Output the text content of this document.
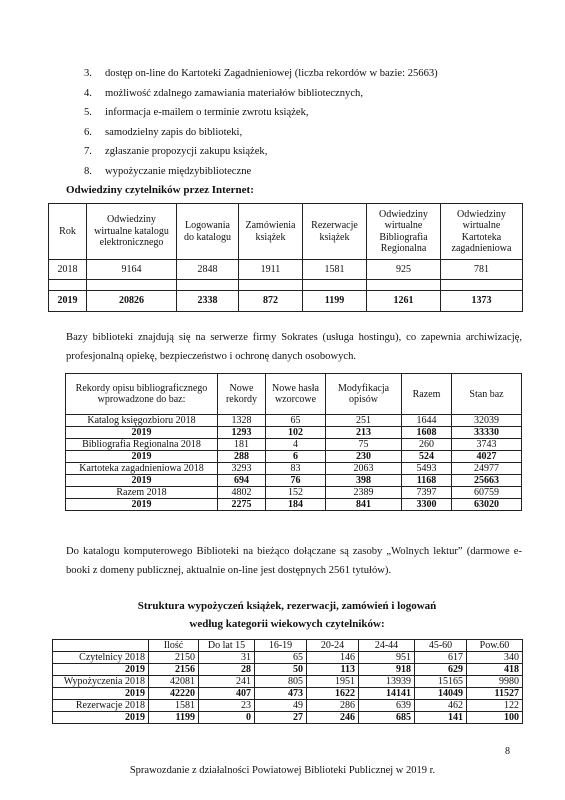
3. dostęp on-line do Kartoteki Zagadnieniowej (liczba rekordów w bazie: 25663)
4. możliwość zdalnego zamawiania materiałów bibliotecznych,
5. informacja e-mailem o terminie zwrotu książek,
6. samodzielny zapis do biblioteki,
7. zgłaszanie propozycji zakupu książek,
8. wypożyczanie międzybiblioteczne
Odwiedziny czytelników przez Internet:
Rok	Odwiedziny wirtualne katalogu elektronicznego	Logowania do katalogu	Zamówienia książek	Rezerwacje książek	Odwiedziny wirtualne Bibliografia Regionalna	Odwiedziny wirtualne Kartoteka zagadnieniowa
2018	9164	2848	1911	1581	925	781

2019	20826	2338	872	1199	1261	1373
Bazy biblioteki znajdują się na serwerze firmy Sokrates (usługa hostingu), co zapewnia archiwizację, profesjonalną opiekę, bezpieczeństwo i ochronę danych osobowych.
Rekordy opisu bibliograficznego wprowadzone do baz:	Nowe rekordy	Nowe hasła wzorcowe	Modyfikacja opisów	Razem	Stan baz
Katalog księgozbioru 2018	1328	65	251	1644	32039
2019	1293	102	213	1608	33330
Bibliografia Regionalna 2018	181	4	75	260	3743
2019	288	6	230	524	4027
Kartoteka zagadnieniowa 2018	3293	83	2063	5493	24977
2019	694	76	398	1168	25663
Razem 2018	4802	152	2389	7397	60759
2019	2275	184	841	3300	63020
Do katalogu komputerowego Biblioteki na bieżąco dołączane są zasoby „Wolnych lektur” (darmowe e-booki z domeny publicznej, aktualnie on-line jest dostępnych 2561 tytułów).
Struktura wypożyczeń książek, rezerwacji, zamówień i logowań
według kategorii wiekowych czytelników:
	Ilość	Do lat 15	16-19	20-24	24-44	45-60	Pow.60
Czytelnicy 2018	2150	31	65	146	951	617	340
2019	2156	28	50	113	918	629	418
Wypożyczenia 2018	42081	241	805	1951	13939	15165	9980
2019	42220	407	473	1622	14141	14049	11527
Rezerwacje 2018	1581	23	49	286	639	462	122
2019	1199	0	27	246	685	141	100
8
Sprawozdanie z działalności Powiatowej Biblioteki Publicznej w 2019 r.
